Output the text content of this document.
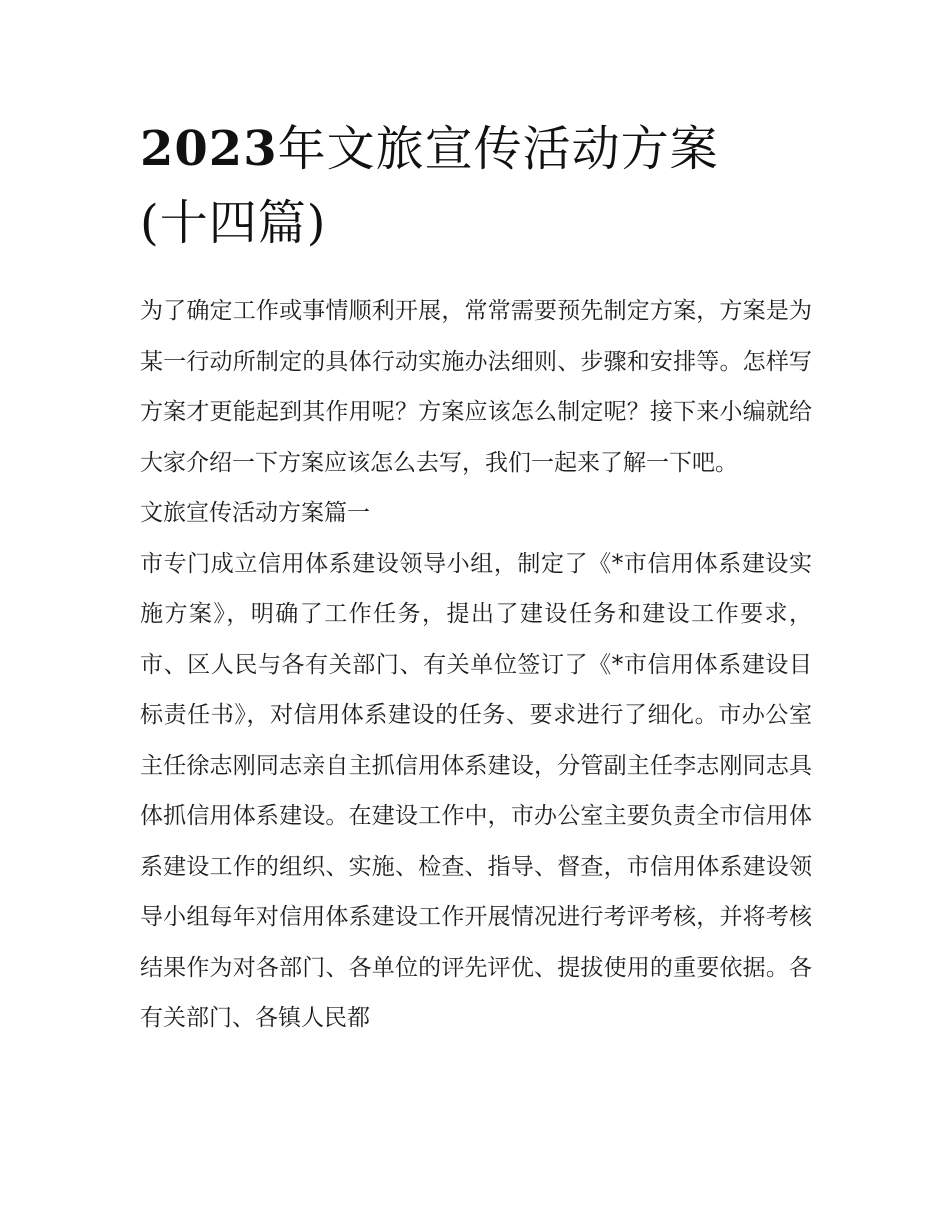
2023年文旅宣传活动方案(十四篇)

为了确定工作或事情顺利开展，常常需要预先制定方案，方案是为某一行动所制定的具体行动实施办法细则、步骤和安排等。怎样写方案才更能起到其作用呢？方案应该怎么制定呢？接下来小编就给大家介绍一下方案应该怎么去写，我们一起来了解一下吧。

文旅宣传活动方案篇一

市专门成立信用体系建设领导小组，制定了《*市信用体系建设实施方案》，明确了工作任务，提出了建设任务和建设工作要求，市、区人民与各有关部门、有关单位签订了《*市信用体系建设目标责任书》，对信用体系建设的任务、要求进行了细化。市办公室主任徐志刚同志亲自主抓信用体系建设，分管副主任李志刚同志具体抓信用体系建设。在建设工作中，市办公室主要负责全市信用体系建设工作的组织、实施、检查、指导、督查，市信用体系建设领导小组每年对信用体系建设工作开展情况进行考评考核，并将考核结果作为对各部门、各单位的评先评优、提拔使用的重要依据。各有关部门、各镇人民都
